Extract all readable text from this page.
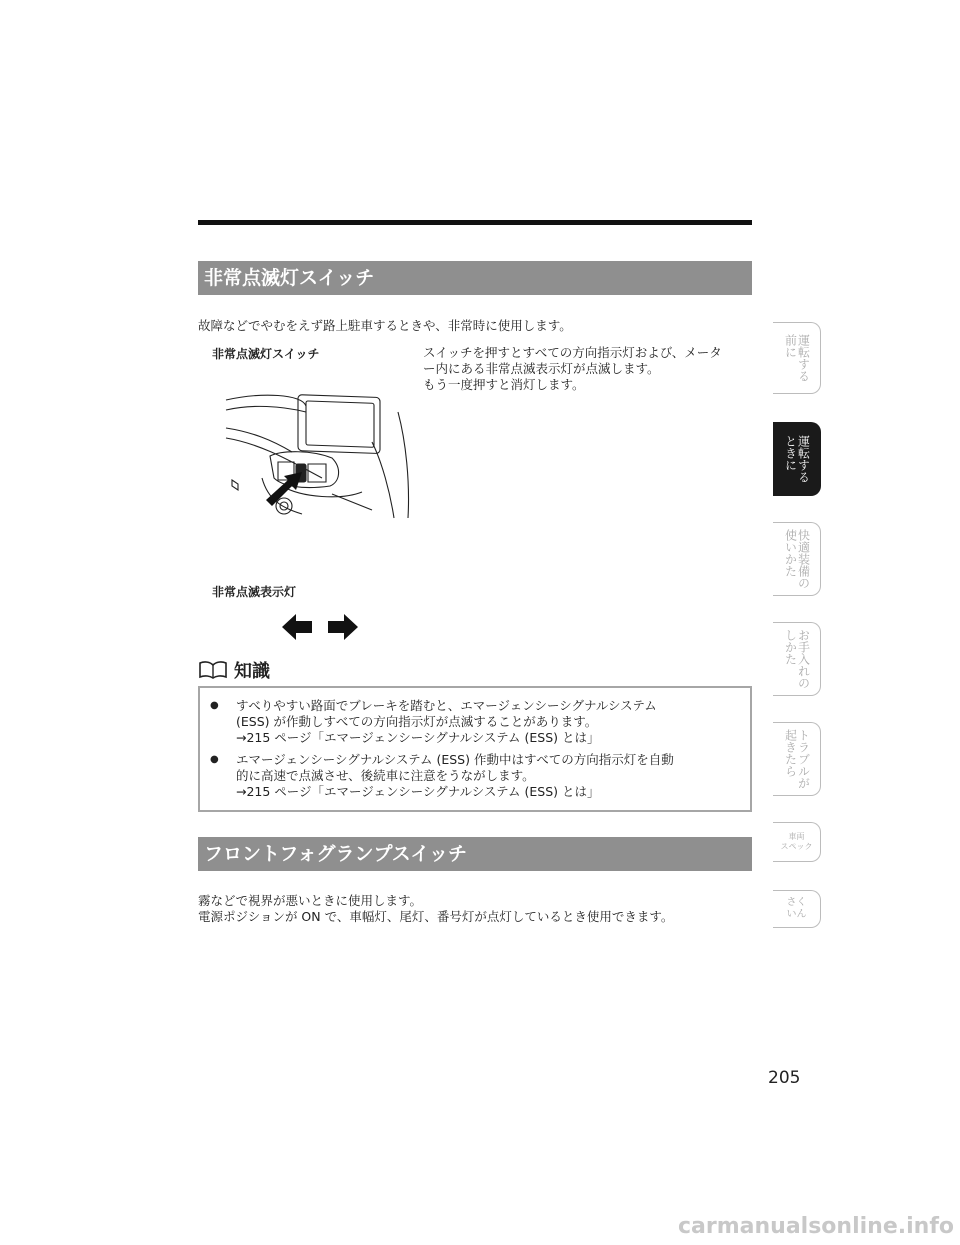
非常点滅灯スイッチ
故障などでやむをえず路上駐車するときや、非常時に使用します。
非常点滅灯スイッチ	スイッチを押すとすべての方向指示灯および、メータ
ー内にある非常点滅表示灯が点滅します。
もう一度押すと消灯します。
非常点滅表示灯
知識
● すべりやすい路面でブレーキを踏むと、エマージェンシーシグナルシステム
(ESS) が作動しすべての方向指示灯が点滅することがあります。
→215 ページ「エマージェンシーシグナルシステム (ESS) とは」
● エマージェンシーシグナルシステム (ESS) 作動中はすべての方向指示灯を自動
的に高速で点滅させ、後続車に注意をうながします。
→215 ページ「エマージェンシーシグナルシステム (ESS) とは」
フロントフォグランプスイッチ
霧などで視界が悪いときに使用します。
電源ポジションが ON で、車幅灯、尾灯、番号灯が点灯しているとき使用できます。
運転する
前に
運転する
ときに
快適装備の
使いかた
お手入れの
しかた
トラブルが
起きたら
車両
スペック
さく
いん
205
carmanualsonline.info
